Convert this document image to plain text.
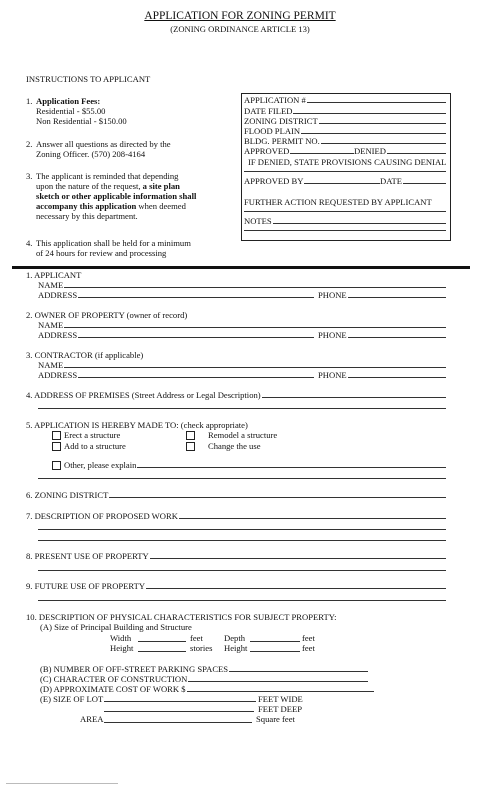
APPLICATION FOR ZONING PERMIT
(ZONING ORDINANCE ARTICLE 13)
INSTRUCTIONS TO APPLICANT
1. Application Fees:
Residential - $55.00
Non Residential - $150.00
2. Answer all questions as directed by the
Zoning Officer. (570) 208-4164
3. The applicant is reminded that depending
upon the nature of the request, a site plan
sketch or other applicable information shall
accompany this application when deemed
necessary by this department.
4. This application shall be held for a minimum
of 24 hours for review and processing
APPLICATION #
DATE FILED
ZONING DISTRICT
FLOOD PLAIN
BLDG. PERMIT NO.
APPROVED	DENIED
IF DENIED, STATE PROVISIONS CAUSING DENIAL
APPROVED BY	DATE
FURTHER ACTION REQUESTED BY APPLICANT
NOTES
1. APPLICANT
NAME
ADDRESS	PHONE
2. OWNER OF PROPERTY (owner of record)
NAME
ADDRESS	PHONE
3. CONTRACTOR (if applicable)
NAME
ADDRESS	PHONE
4. ADDRESS OF PREMISES (Street Address or Legal Description)
5. APPLICATION IS HEREBY MADE TO: (check appropriate)
Erect a structure	Remodel a structure
Add to a structure	Change the use
Other, please explain
6. ZONING DISTRICT
7. DESCRIPTION OF PROPOSED WORK
8. PRESENT USE OF PROPERTY
9. FUTURE USE OF PROPERTY
10. DESCRIPTION OF PHYSICAL CHARACTERISTICS FOR SUBJECT PROPERTY:
(A) Size of Principal Building and Structure
Width	feet Depth	feet
Height	stories Height	feet
(B) NUMBER OF OFF-STREET PARKING SPACES
(C) CHARACTER OF CONSTRUCTION
(D) APPROXIMATE COST OF WORK $
(E) SIZE OF LOT	FEET WIDE
FEET DEEP
AREA	Square feet
